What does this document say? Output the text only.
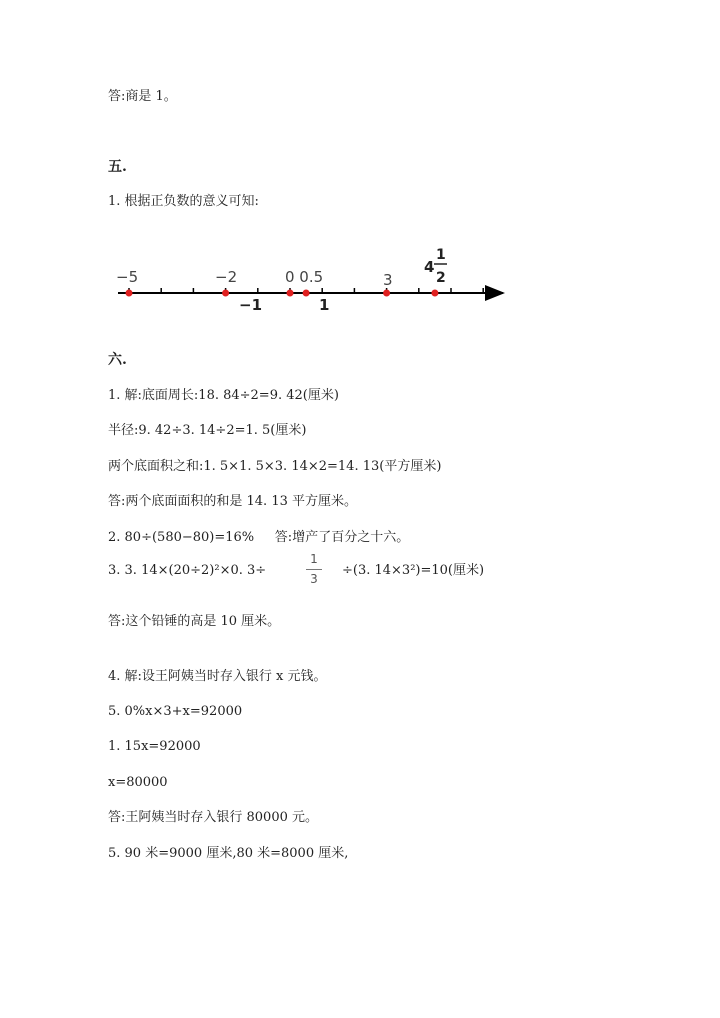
答:商是 1。
五.
1. 根据正负数的意义可知:
−5	−2	0 0.5	3
4
1
2
−1	1
六.
1. 解:底面周长:18. 84÷2=9. 42(厘米)
半径:9. 42÷3. 14÷2=1. 5(厘米)
两个底面积之和:1. 5×1. 5×3. 14×2=14. 13(平方厘米)
答:两个底面面积的和是 14. 13 平方厘米。
2. 80÷(580−80)=16%     答:增产了百分之十六。
3. 3. 14×(20÷2)²×0. 3÷
1
3
÷(3. 14×3²)=10(厘米)
答:这个铅锤的高是 10 厘米。
4. 解:设王阿姨当时存入银行 x 元钱。
5. 0%x×3+x=92000
1. 15x=92000
x=80000
答:王阿姨当时存入银行 80000 元。
5. 90 米=9000 厘米,80 米=8000 厘米,
